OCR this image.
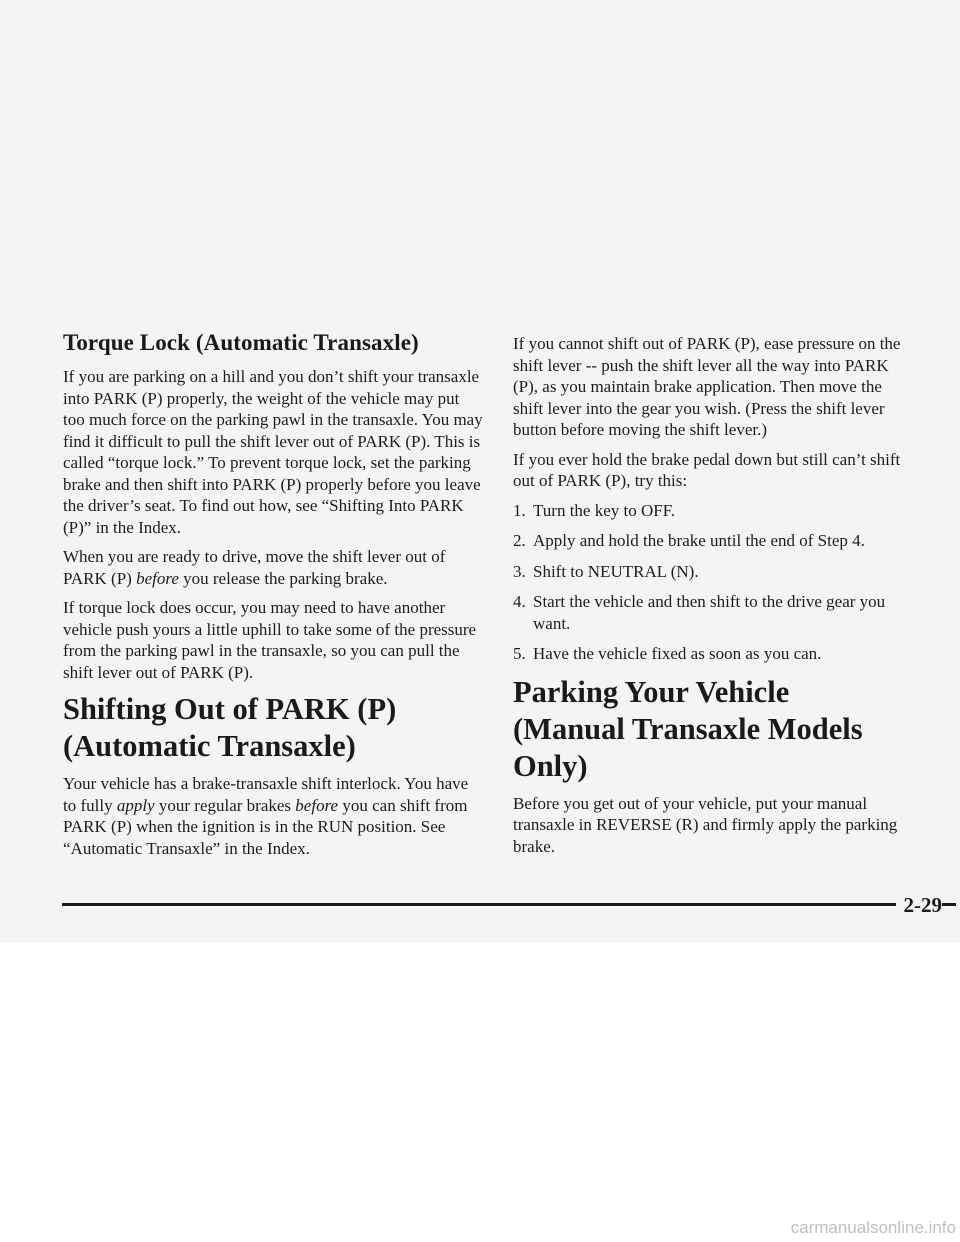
Torque Lock (Automatic Transaxle)

If you are parking on a hill and you don’t shift your transaxle into PARK (P) properly, the weight of the vehicle may put too much force on the parking pawl in the transaxle. You may find it difficult to pull the shift lever out of PARK (P). This is called “torque lock.” To prevent torque lock, set the parking brake and then shift into PARK (P) properly before you leave the driver’s seat. To find out how, see “Shifting Into PARK (P)” in the Index.

When you are ready to drive, move the shift lever out of PARK (P) before you release the parking brake.

If torque lock does occur, you may need to have another vehicle push yours a little uphill to take some of the pressure from the parking pawl in the transaxle, so you can pull the shift lever out of PARK (P).

Shifting Out of PARK (P)
(Automatic Transaxle)

Your vehicle has a brake-transaxle shift interlock. You have to fully apply your regular brakes before you can shift from PARK (P) when the ignition is in the RUN position. See “Automatic Transaxle” in the Index.

If you cannot shift out of PARK (P), ease pressure on the shift lever -- push the shift lever all the way into PARK (P), as you maintain brake application. Then move the shift lever into the gear you wish. (Press the shift lever button before moving the shift lever.)

If you ever hold the brake pedal down but still can’t shift out of PARK (P), try this:

1. Turn the key to OFF.
2. Apply and hold the brake until the end of Step 4.
3. Shift to NEUTRAL (N).
4. Start the vehicle and then shift to the drive gear you want.
5. Have the vehicle fixed as soon as you can.
Parking Your Vehicle
(Manual Transaxle Models Only)

Before you get out of your vehicle, put your manual transaxle in REVERSE (R) and firmly apply the parking brake.

2-29
carmanualsonline.info
